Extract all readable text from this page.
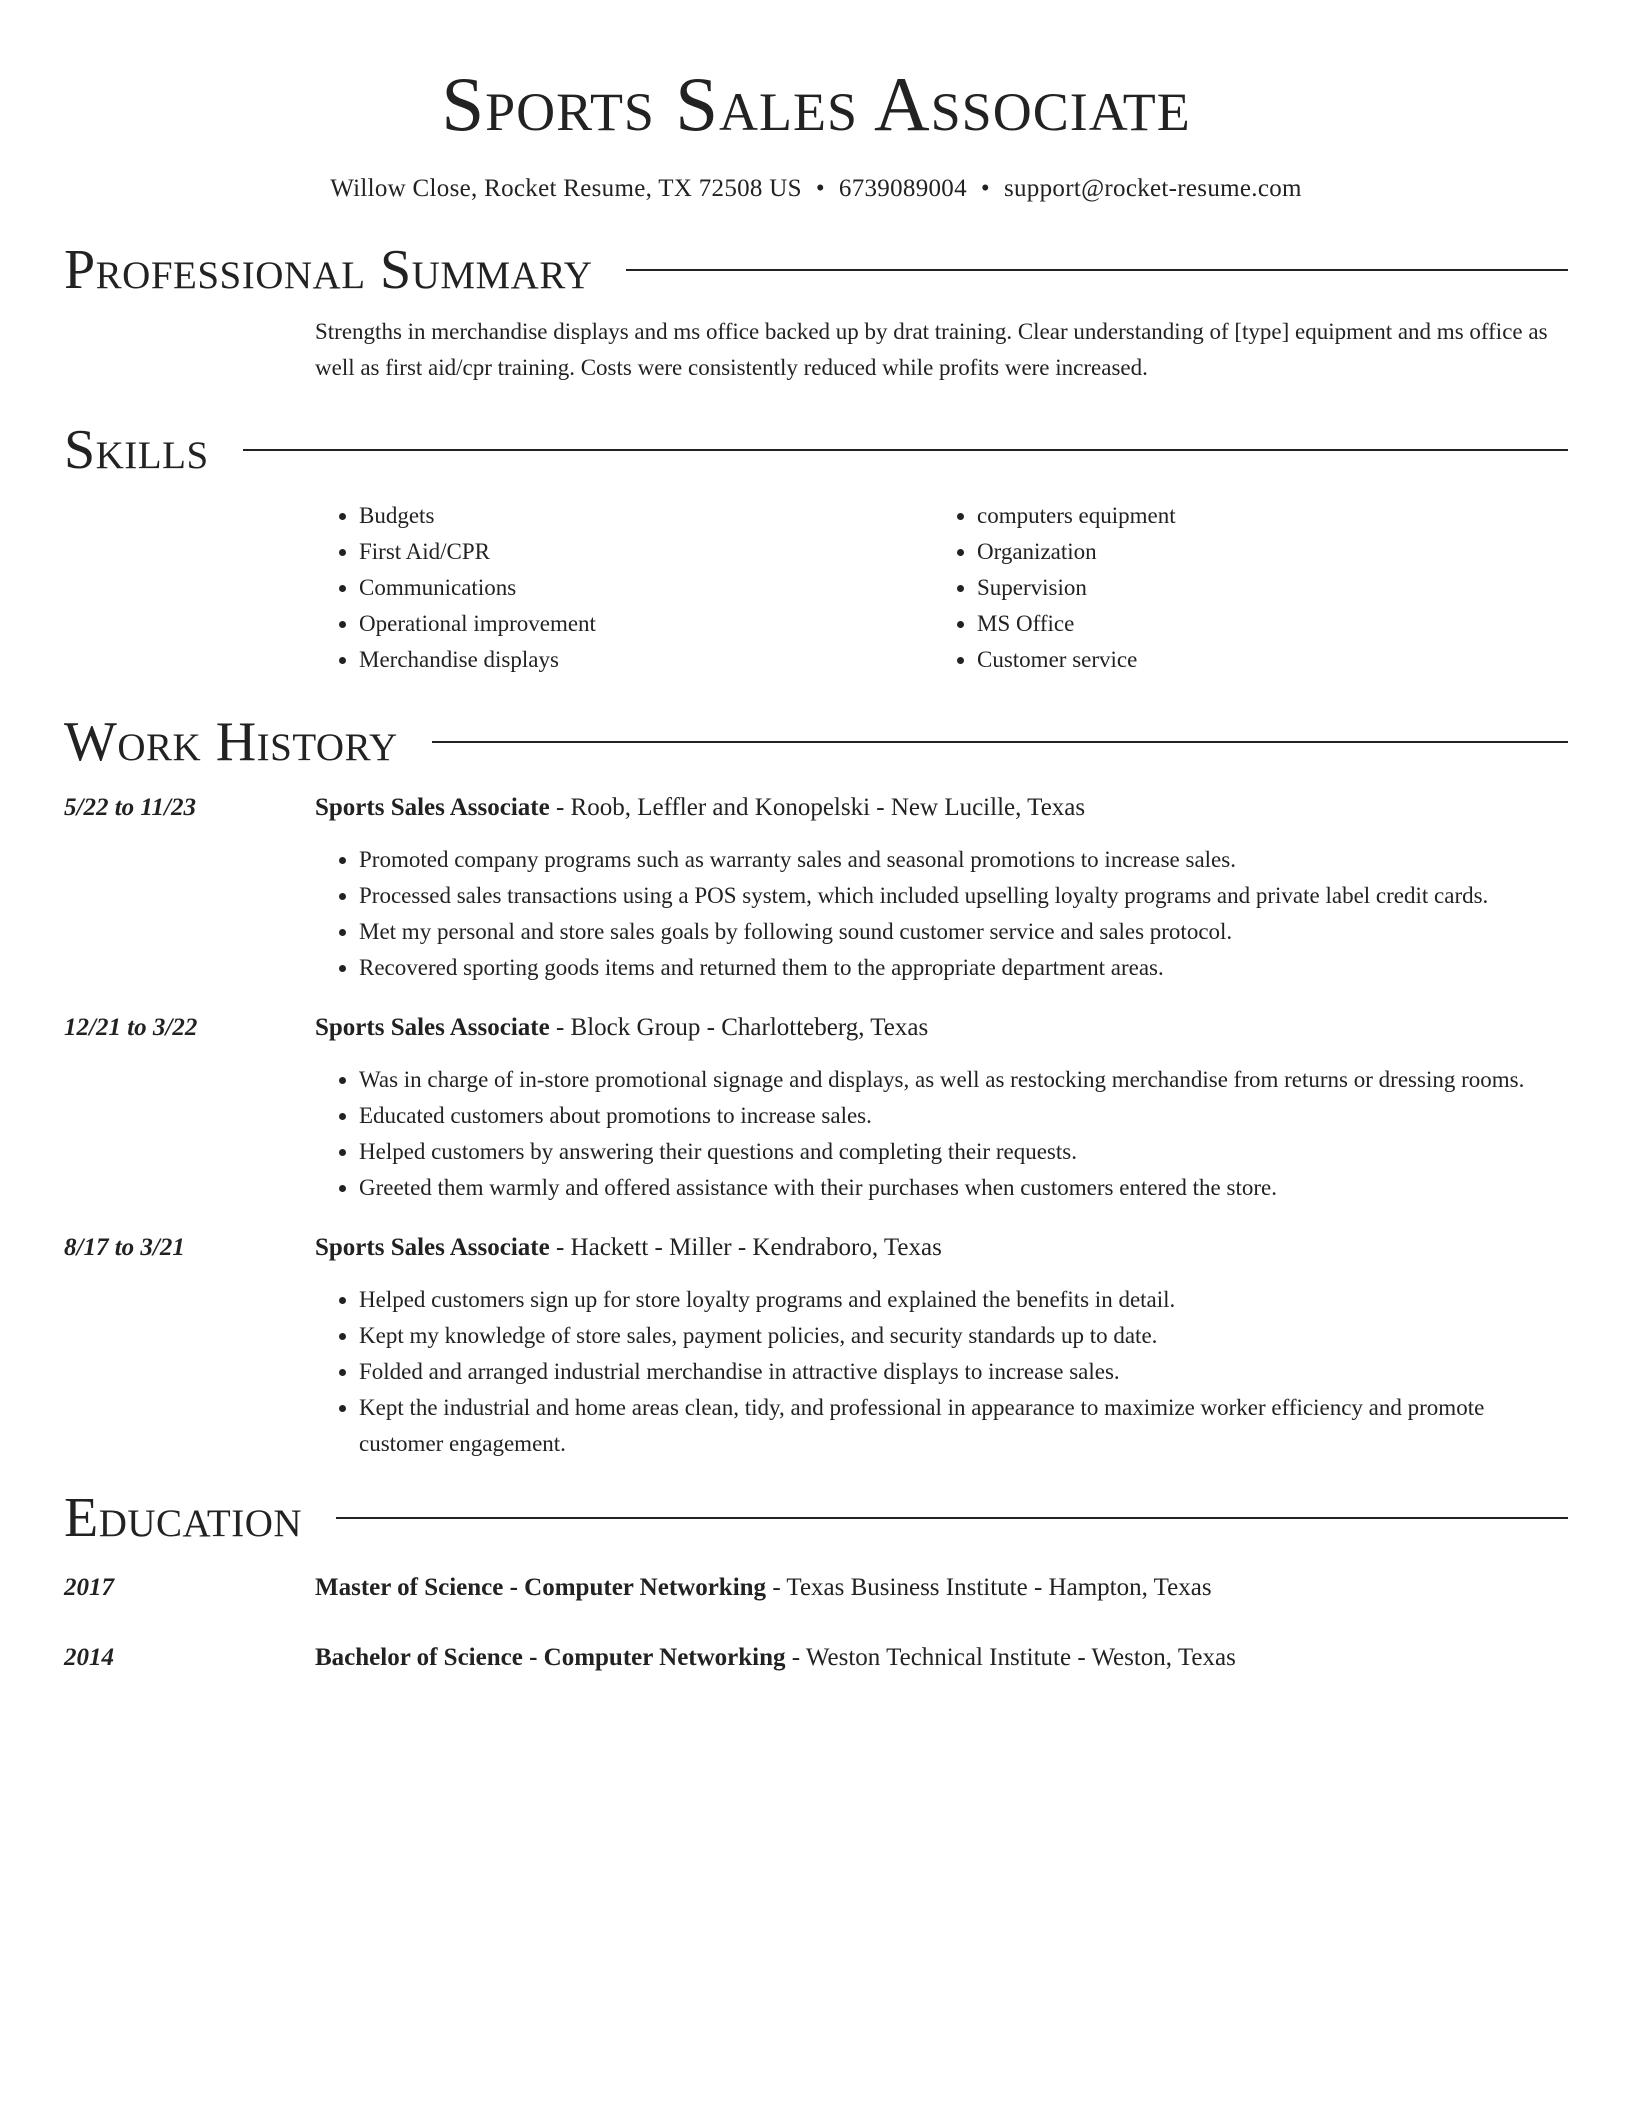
Sports Sales Associate
Willow Close, Rocket Resume, TX 72508 US • 6739089004 • support@rocket-resume.com
Professional Summary
Strengths in merchandise displays and ms office backed up by drat training. Clear understanding of [type] equipment and ms office as well as first aid/cpr training. Costs were consistently reduced while profits were increased.
Skills
• Budgets
• First Aid/CPR
• Communications
• Operational improvement
• Merchandise displays
• computers equipment
• Organization
• Supervision
• MS Office
• Customer service
Work History
5/22 to 11/23	Sports Sales Associate - Roob, Leffler and Konopelski - New Lucille, Texas
• Promoted company programs such as warranty sales and seasonal promotions to increase sales.
• Processed sales transactions using a POS system, which included upselling loyalty programs and private label credit cards.
• Met my personal and store sales goals by following sound customer service and sales protocol.
• Recovered sporting goods items and returned them to the appropriate department areas.
12/21 to 3/22	Sports Sales Associate - Block Group - Charlotteberg, Texas
• Was in charge of in-store promotional signage and displays, as well as restocking merchandise from returns or dressing rooms.
• Educated customers about promotions to increase sales.
• Helped customers by answering their questions and completing their requests.
• Greeted them warmly and offered assistance with their purchases when customers entered the store.
8/17 to 3/21	Sports Sales Associate - Hackett - Miller - Kendraboro, Texas
• Helped customers sign up for store loyalty programs and explained the benefits in detail.
• Kept my knowledge of store sales, payment policies, and security standards up to date.
• Folded and arranged industrial merchandise in attractive displays to increase sales.
• Kept the industrial and home areas clean, tidy, and professional in appearance to maximize worker efficiency and promote customer engagement.
Education
2017	Master of Science - Computer Networking - Texas Business Institute - Hampton, Texas
2014	Bachelor of Science - Computer Networking - Weston Technical Institute - Weston, Texas
